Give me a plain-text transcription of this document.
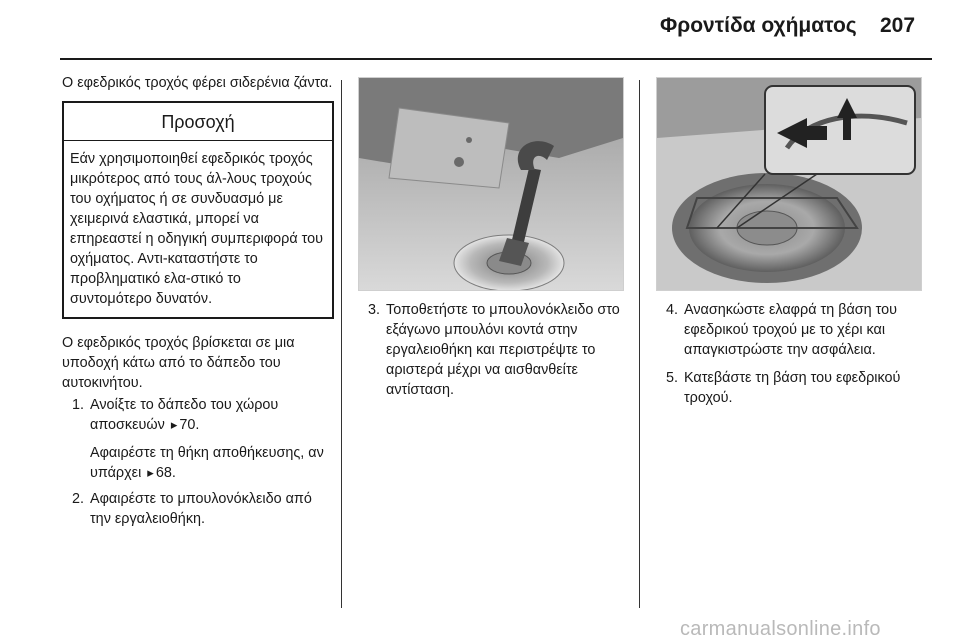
Φροντίδα οχήματος 207

Ο εφεδρικός τροχός φέρει σιδερένια ζάντα.

Προσοχή
Εάν χρησιμοποιηθεί εφεδρικός τροχός μικρότερος από τους άλ-λους τροχούς του οχήματος ή σε συνδυασμό με χειμερινά ελαστικά, μπορεί να επηρεαστεί η οδηγική συμπεριφορά του οχήματος. Αντι-καταστήστε το προβληματικό ελα-στικό το συντομότερο δυνατόν.

Ο εφεδρικός τροχός βρίσκεται σε μια υποδοχή κάτω από το δάπεδο του αυτοκινήτου.

1. Ανοίξτε το δάπεδο του χώρου αποσκευών ▸ 70.
Αφαιρέστε τη θήκη αποθήκευσης, αν υπάρχει ▸ 68.
2. Αφαιρέστε το μπουλονόκλειδο από την εργαλειοθήκη.
3. Τοποθετήστε το μπουλονόκλειδο στο εξάγωνο μπουλόνι κοντά στην εργαλειοθήκη και περιστρέψτε το αριστερά μέχρι να αισθανθείτε αντίσταση.
4. Ανασηκώστε ελαφρά τη βάση του εφεδρικού τροχού με το χέρι και απαγκιστρώστε την ασφάλεια.
5. Κατεβάστε τη βάση του εφεδρικού τροχού.
carmanualsonline.info
